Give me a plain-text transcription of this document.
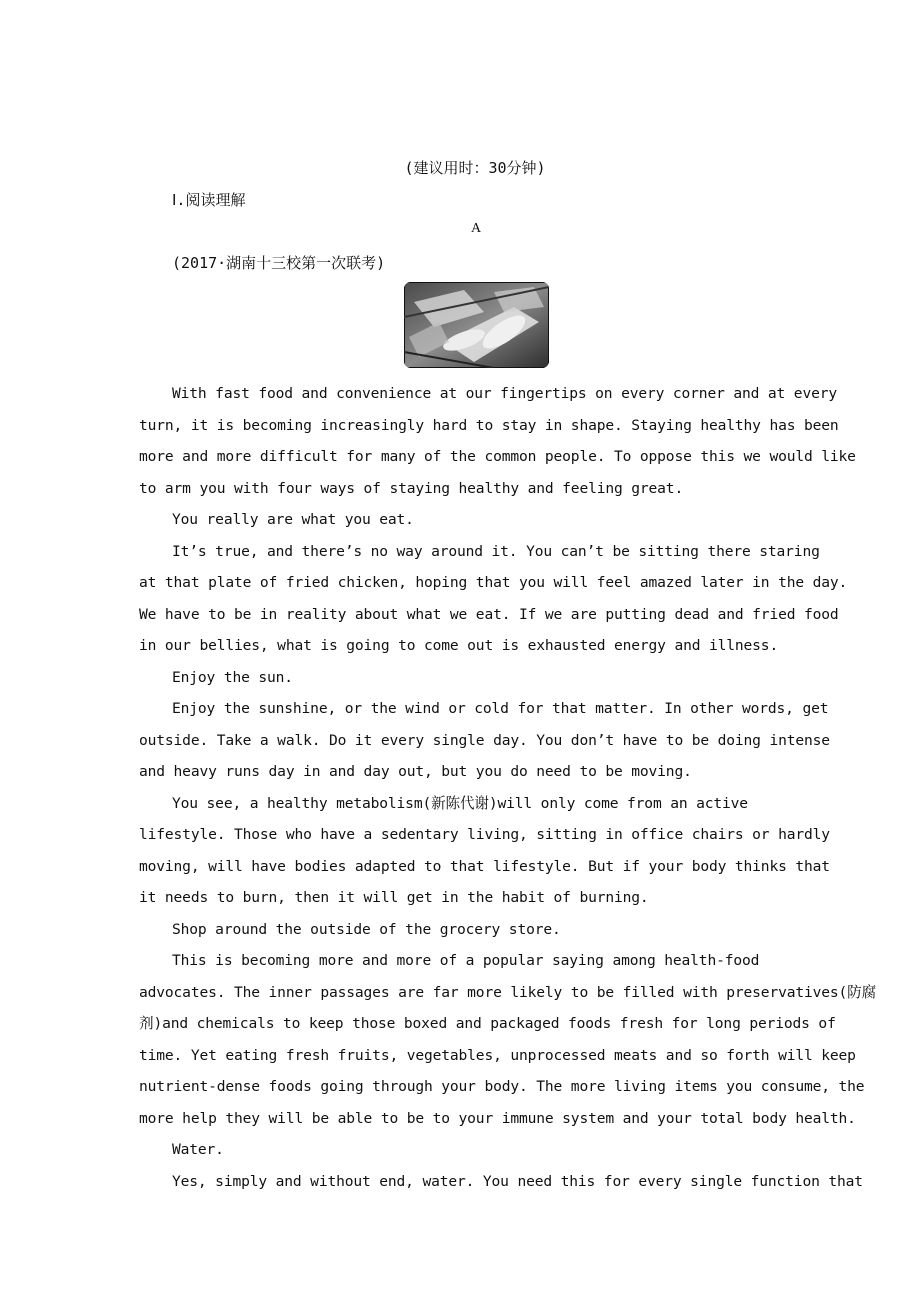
(建议用时：30分钟)
Ⅰ.阅读理解
A
(2017·湖南十三校第一次联考)
With fast food and convenience at our fingertips on every corner and at every
turn, it is becoming increasingly hard to stay in shape. Staying healthy has been
more and more difficult for many of the common people. To oppose this we would like
to arm you with four ways of staying healthy and feeling great.
You really are what you eat.
It’s true, and there’s no way around it. You can’t be sitting there staring
at that plate of fried chicken, hoping that you will feel amazed later in the day.
We have to be in reality about what we eat. If we are putting dead and fried food
in our bellies, what is going to come out is exhausted energy and illness.
Enjoy the sun.
Enjoy the sunshine, or the wind or cold for that matter. In other words, get
outside. Take a walk. Do it every single day. You don’t have to be doing intense
and heavy runs day in and day out, but you do need to be moving.
You see, a healthy metabolism(新陈代谢)will only come from an active
lifestyle. Those who have a sedentary living, sitting in office chairs or hardly
moving, will have bodies adapted to that lifestyle. But if your body thinks that
it needs to burn, then it will get in the habit of burning.
Shop around the outside of the grocery store.
This is becoming more and more of a popular saying among health-food
advocates. The inner passages are far more likely to be filled with preservatives(防腐
剂)and chemicals to keep those boxed and packaged foods fresh for long periods of
time. Yet eating fresh fruits, vegetables, unprocessed meats and so forth will keep
nutrient-dense foods going through your body. The more living items you consume, the
more help they will be able to be to your immune system and your total body health.
Water.
Yes, simply and without end, water. You need this for every single function that
